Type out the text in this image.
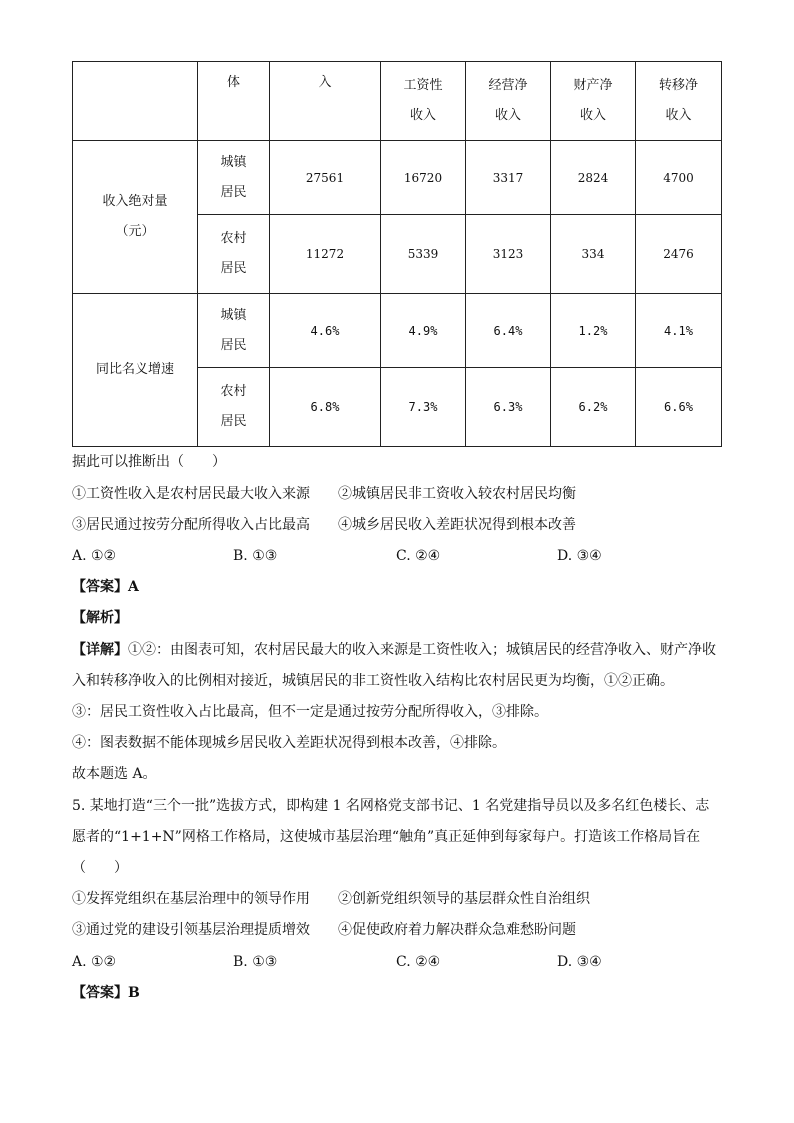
	体	入	工资性收入	经营净收入	财产净收入	转移净收入

收入绝对量（元）	城镇居民	27561	16720	3317	2824	4700

	农村居民	11272	5339	3123	334	2476
同比名义增速	城镇居民	4.6%	4.9%	6.4%	1.2%	4.1%

	农村居民	6.8%	7.3%	6.3%	6.2%	6.6%
据此可以推断出（　　）
①工资性收入是农村居民最大收入来源 ②城镇居民非工资收入较农村居民均衡
③居民通过按劳分配所得收入占比最高 ④城乡居民收入差距状况得到根本改善
A. ①②	B. ①③	C. ②④	D. ③④
【答案】A
【解析】
【详解】①②：由图表可知，农村居民最大的收入来源是工资性收入；城镇居民的经营净收入、财产净收
入和转移净收入的比例相对接近，城镇居民的非工资性收入结构比农村居民更为均衡，①②正确。
③：居民工资性收入占比最高，但不一定是通过按劳分配所得收入，③排除。
④：图表数据不能体现城乡居民收入差距状况得到根本改善，④排除。
故本题选 A。
5. 某地打造“三个一批”选拔方式，即构建 1 名网格党支部书记、1 名党建指导员以及多名红色楼长、志
愿者的“1+1+N”网格工作格局，这使城市基层治理“触角”真正延伸到每家每户。打造该工作格局旨在
（　　）
①发挥党组织在基层治理中的领导作用 ②创新党组织领导的基层群众性自治组织
③通过党的建设引领基层治理提质增效 ④促使政府着力解决群众急难愁盼问题
A. ①②	B. ①③	C. ②④	D. ③④
【答案】B
